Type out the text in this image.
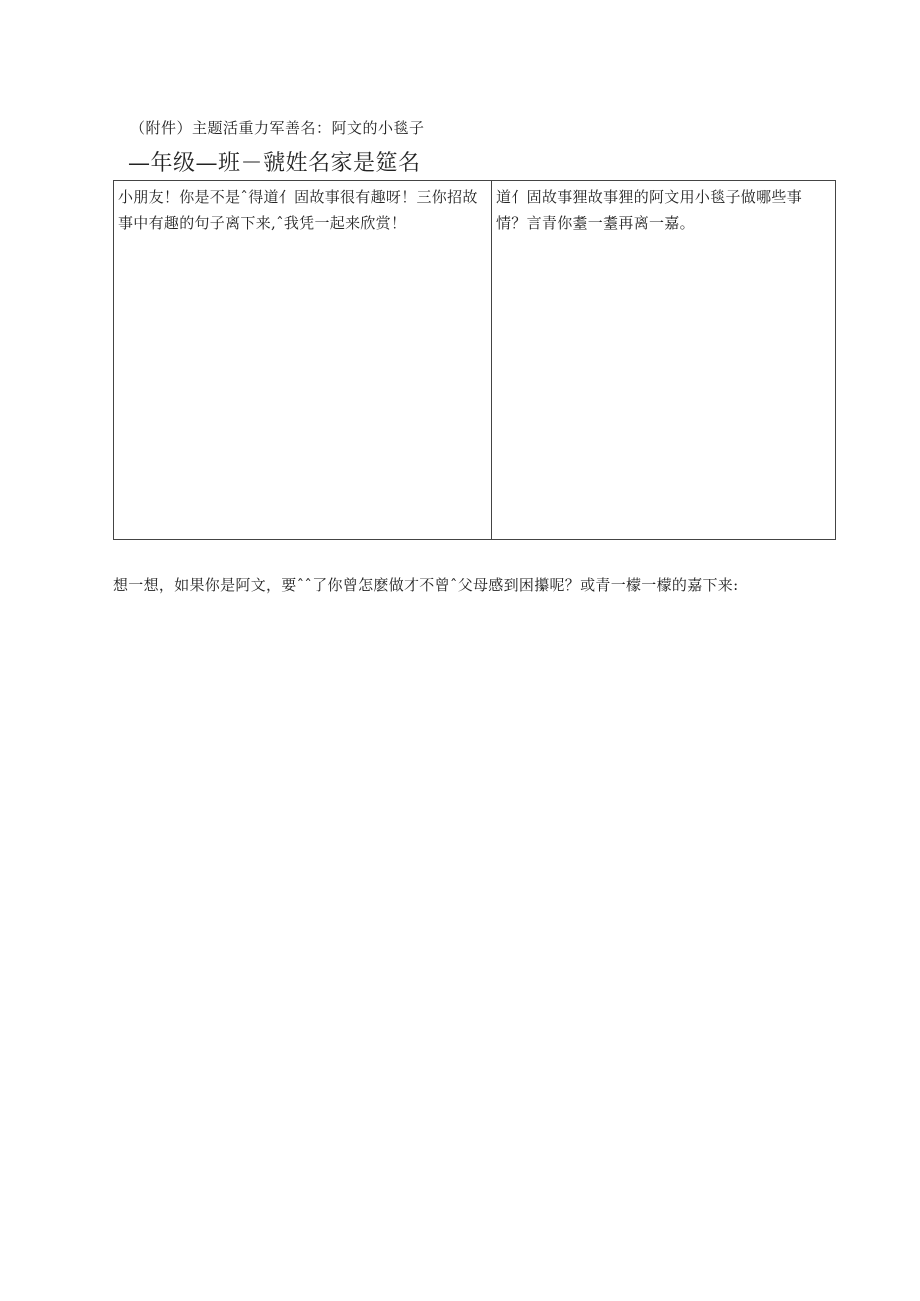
（附件）主题活重力军善名：阿文的小毯子
—年级—班－虢姓名家是筵名
小朋友！你是不是ˆ得道亻固故事很有趣呀！三你招故事中有趣的句子离下来,ˆ我凭一起来欣赏！
道亻固故事狸故事狸的阿文用小毯子做哪些事情？言青你耋一耋再离一嘉。
想一想，如果你是阿文，要ˆˆ了你曾怎麽做才不曾ˆ父母感到困攥呢？或青一檬一檬的嘉下来:
